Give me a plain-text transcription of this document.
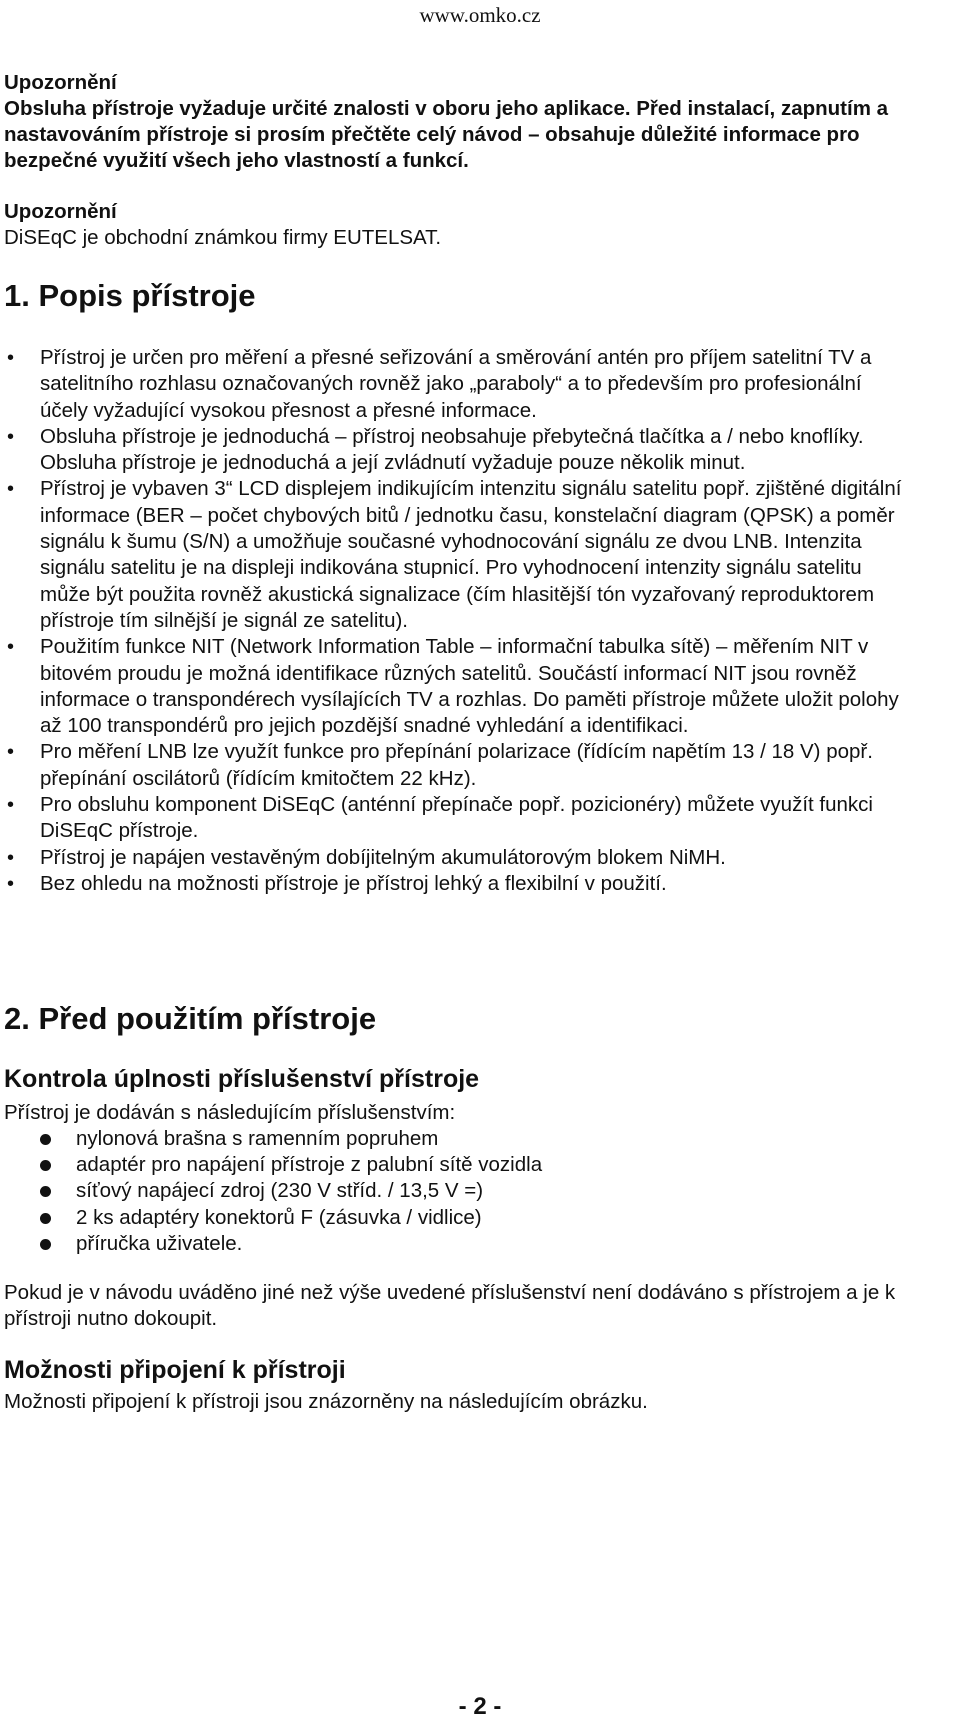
www.omko.cz

Upozornění

Obsluha přístroje vyžaduje určité znalosti v oboru jeho aplikace. Před instalací, zapnutím a nastavováním přístroje si prosím přečtěte celý návod – obsahuje důležité informace pro bezpečné využití všech jeho vlastností a funkcí.

Upozornění

DiSEqC je obchodní známkou firmy EUTELSAT.

1. Popis přístroje
• Přístroj je určen pro měření a přesné seřizování a směrování antén pro příjem satelitní TV a satelitního rozhlasu označovaných rovněž jako „paraboly“ a to především pro profesionální účely vyžadující vysokou přesnost a přesné informace.
• Obsluha přístroje je jednoduchá – přístroj neobsahuje přebytečná tlačítka a / nebo knoflíky. Obsluha přístroje je jednoduchá a její zvládnutí vyžaduje pouze několik minut.
• Přístroj je vybaven 3“ LCD displejem indikujícím intenzitu signálu satelitu popř. zjištěné digitální informace (BER – počet chybových bitů / jednotku času, konstelační diagram (QPSK) a poměr signálu k šumu (S/N) a umožňuje současné vyhodnocování signálu ze dvou LNB. Intenzita signálu satelitu je na displeji indikována stupnicí. Pro vyhodnocení intenzity signálu satelitu může být použita rovněž akustická signalizace (čím hlasitější tón vyzařovaný reproduktorem přístroje tím silnější je signál ze satelitu).
• Použitím funkce NIT (Network Information Table – informační tabulka sítě) – měřením NIT v bitovém proudu je možná identifikace různých satelitů. Součástí informací NIT jsou rovněž informace o transpondérech vysílajících TV a rozhlas. Do paměti přístroje můžete uložit polohy až 100 transpondérů pro jejich pozdější snadné vyhledání a identifikaci.
• Pro měření LNB lze využít funkce pro přepínání polarizace (řídícím napětím 13 / 18 V) popř. přepínání oscilátorů (řídícím kmitočtem 22 kHz).
• Pro obsluhu komponent DiSEqC (anténní přepínače popř. pozicionéry) můžete využít funkci DiSEqC přístroje.
• Přístroj je napájen vestavěným dobíjitelným akumulátorovým blokem NiMH.
• Bez ohledu na možnosti přístroje je přístroj lehký a flexibilní v použití.
2. Před použitím přístroje
Kontrola úplnosti příslušenství přístroje

Přístroj je dodáván s následujícím příslušenstvím:

nylonová brašna s ramenním popruhem
adaptér pro napájení přístroje z palubní sítě vozidla
síťový napájecí zdroj (230 V stříd. / 13,5 V =)
2 ks adaptéry konektorů F (zásuvka / vidlice)
příručka uživatele.

Pokud je v návodu uváděno jiné než výše uvedené příslušenství není dodáváno s přístrojem a je k přístroji nutno dokoupit.

Možnosti připojení k přístroji

Možnosti připojení k přístroji jsou znázorněny na následujícím obrázku.

- 2 -
